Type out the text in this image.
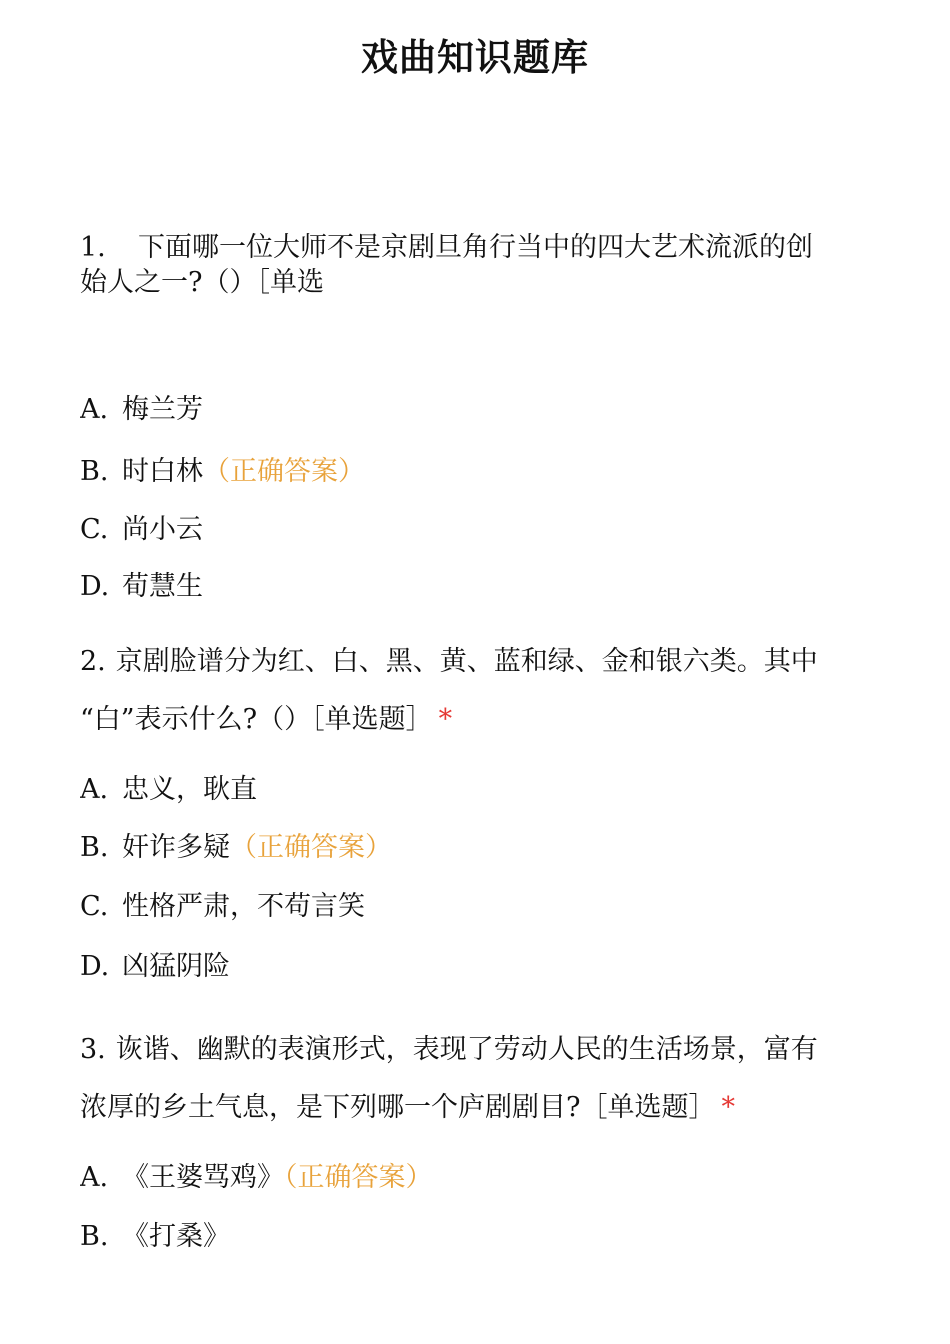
戏曲知识题库
1. 下面哪一位大师不是京剧旦角行当中的四大艺术流派的创
始人之一?（）［单选
A. 梅兰芳
B. 时白林（正确答案）
C. 尚小云
D. 荀慧生
2. 京剧脸谱分为红、白、黑、黄、蓝和绿、金和银六类。其中
“白”表示什么?（）［单选题］ *
A. 忠义，耿直
B. 奸诈多疑（正确答案）
C. 性格严肃，不苟言笑
D. 凶猛阴险
3. 诙谐、幽默的表演形式，表现了劳动人民的生活场景，富有
浓厚的乡土气息，是下列哪一个庐剧剧目?［单选题］ *
A. 《王婆骂鸡》（正确答案）
B. 《打桑》
